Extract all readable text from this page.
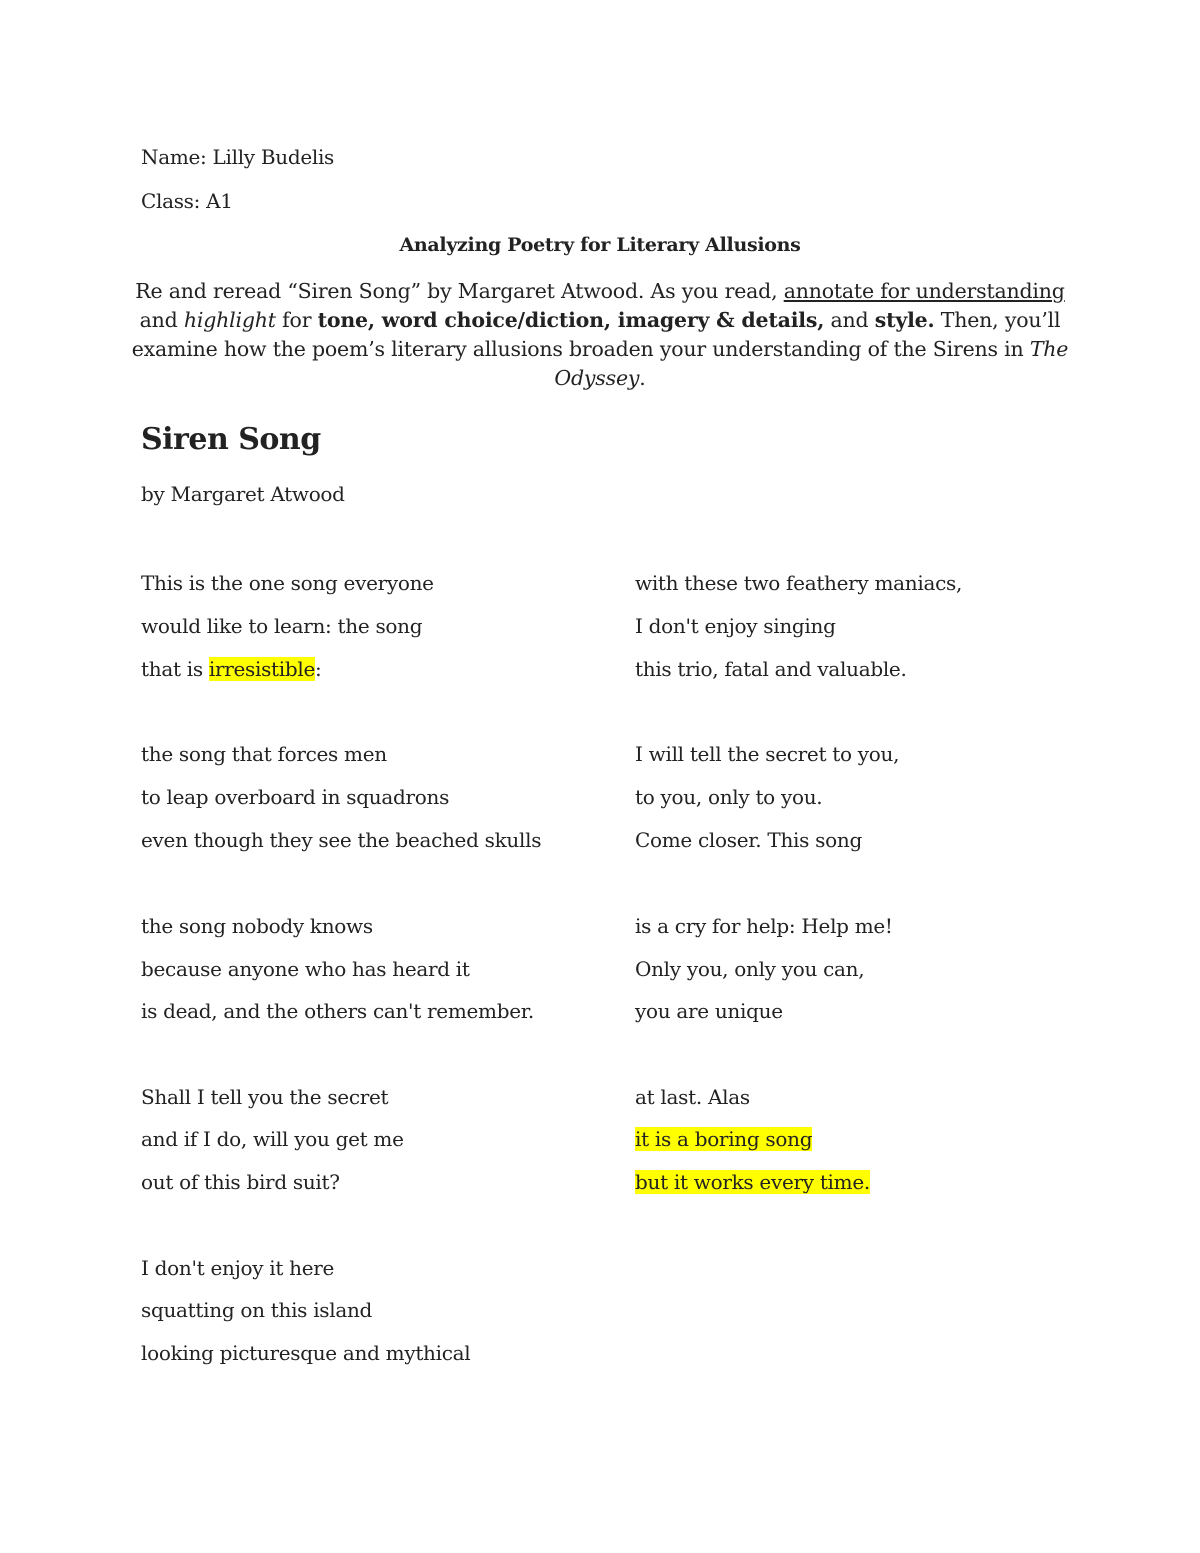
Name: Lilly Budelis
Class: A1
Analyzing Poetry for Literary Allusions
Re and reread “Siren Song” by Margaret Atwood. As you read, annotate for understanding and highlight for tone, word choice/diction, imagery & details, and style. Then, you’ll examine how the poem’s literary allusions broaden your understanding of the Sirens in The Odyssey.
Siren Song
by Margaret Atwood
This is the one song everyone
would like to learn: the song
that is irresistible:
the song that forces men
to leap overboard in squadrons
even though they see the beached skulls
the song nobody knows
because anyone who has heard it
is dead, and the others can't remember.
Shall I tell you the secret
and if I do, will you get me
out of this bird suit?
I don't enjoy it here
squatting on this island
looking picturesque and mythical
with these two feathery maniacs,
I don't enjoy singing
this trio, fatal and valuable.
I will tell the secret to you,
to you, only to you.
Come closer. This song
is a cry for help: Help me!
Only you, only you can,
you are unique
at last. Alas
it is a boring song
but it works every time.
